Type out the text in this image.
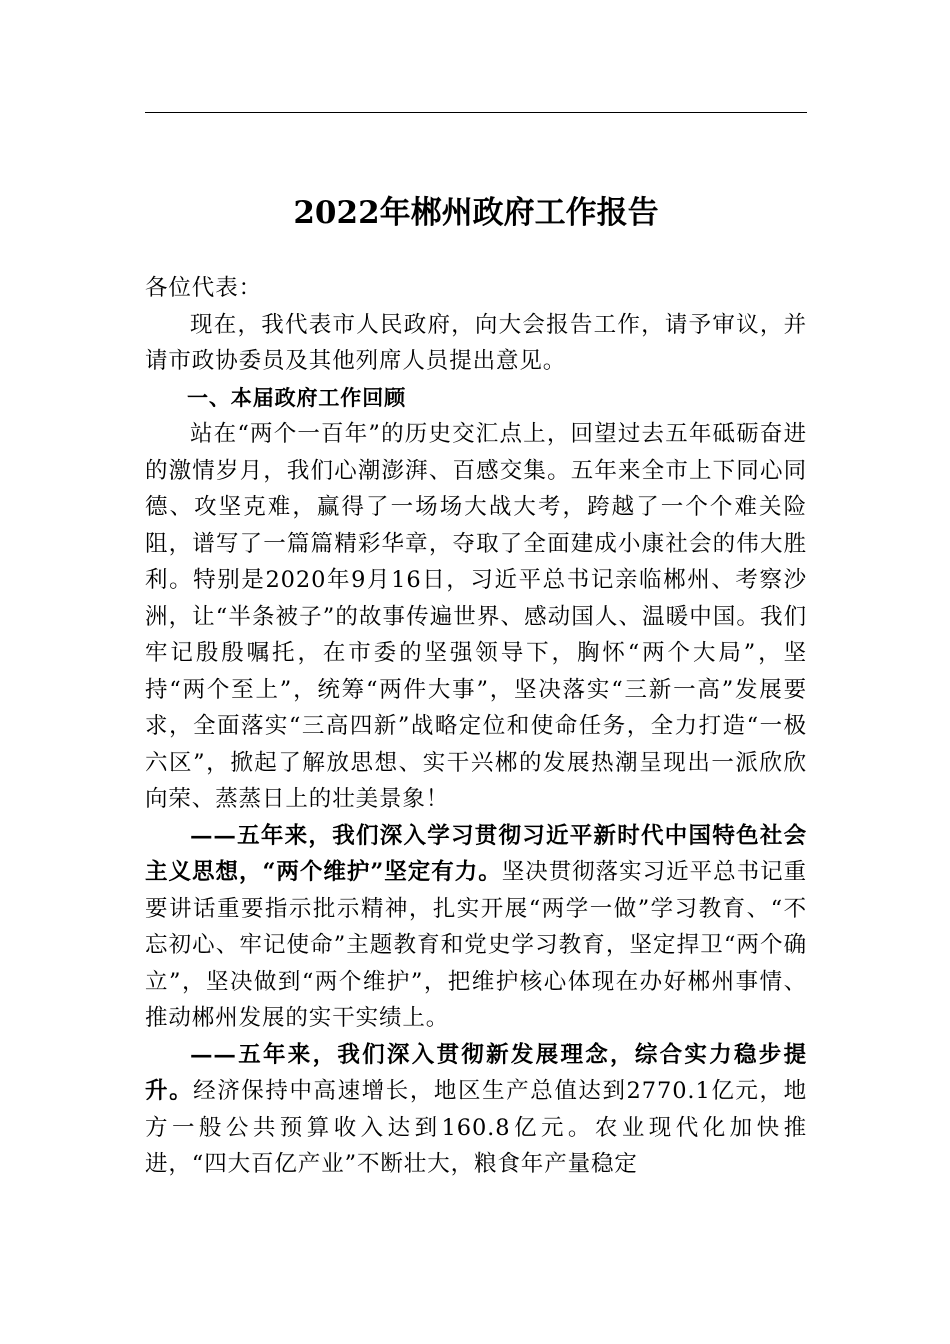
2022年郴州政府工作报告

各位代表：

现在，我代表市人民政府，向大会报告工作，请予审议，并请市政协委员及其他列席人员提出意见。

一、本届政府工作回顾

站在“两个一百年”的历史交汇点上，回望过去五年砥砺奋进的激情岁月，我们心潮澎湃、百感交集。五年来全市上下同心同德、攻坚克难，赢得了一场场大战大考，跨越了一个个难关险阻，谱写了一篇篇精彩华章，夺取了全面建成小康社会的伟大胜利。特别是2020年9月16日，习近平总书记亲临郴州、考察沙洲，让“半条被子”的故事传遍世界、感动国人、温暖中国。我们牢记殷殷嘱托，在市委的坚强领导下，胸怀“两个大局”，坚持“两个至上”，统筹“两件大事”，坚决落实“三新一高”发展要求，全面落实“三高四新”战略定位和使命任务，全力打造“一极六区”，掀起了解放思想、实干兴郴的发展热潮呈现出一派欣欣向荣、蒸蒸日上的壮美景象！

——五年来，我们深入学习贯彻习近平新时代中国特色社会主义思想，“两个维护”坚定有力。坚决贯彻落实习近平总书记重要讲话重要指示批示精神，扎实开展“两学一做”学习教育、“不忘初心、牢记使命”主题教育和党史学习教育，坚定捍卫“两个确立”，坚决做到“两个维护”，把维护核心体现在办好郴州事情、推动郴州发展的实干实绩上。

——五年来，我们深入贯彻新发展理念，综合实力稳步提升。经济保持中高速增长，地区生产总值达到2770.1亿元，地方一般公共预算收入达到160.8亿元。农业现代化加快推进，“四大百亿产业”不断壮大，粮食年产量稳定
